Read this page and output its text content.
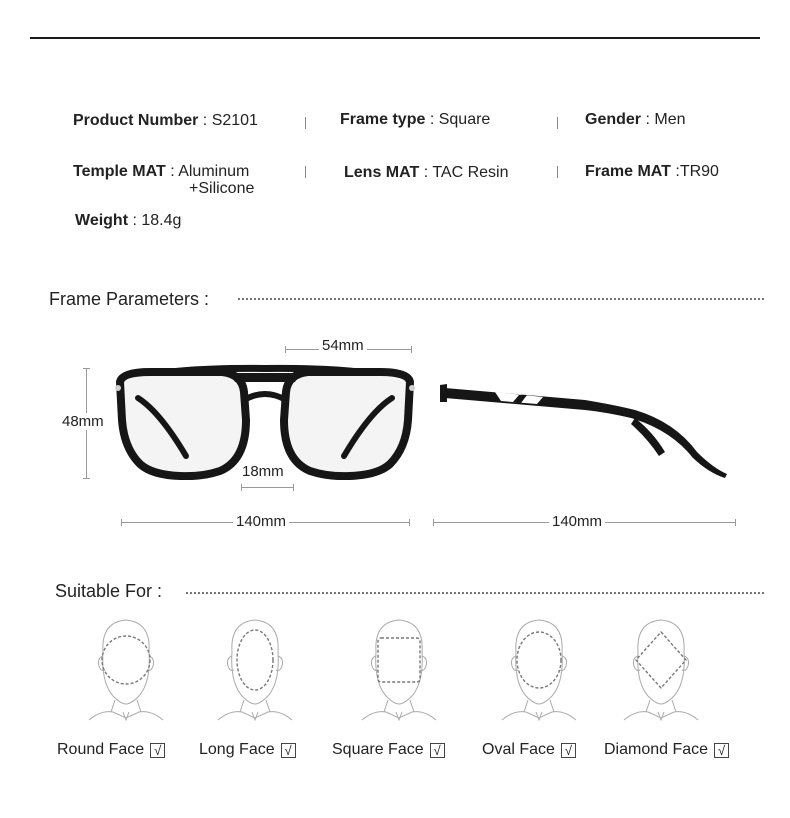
Product Number : S2101	Frame type : Square	Gender : Men
Temple MAT : Aluminum
+Silicone
Lens MAT : TAC Resin	Frame MAT :TR90
Weight : 18.4g
Frame Parameters :
54mm
48mm
18mm
140mm	140mm
Suitable For :
Round Face √ Long Face √	Square Face √	Oval Face √ Diamond Face √
